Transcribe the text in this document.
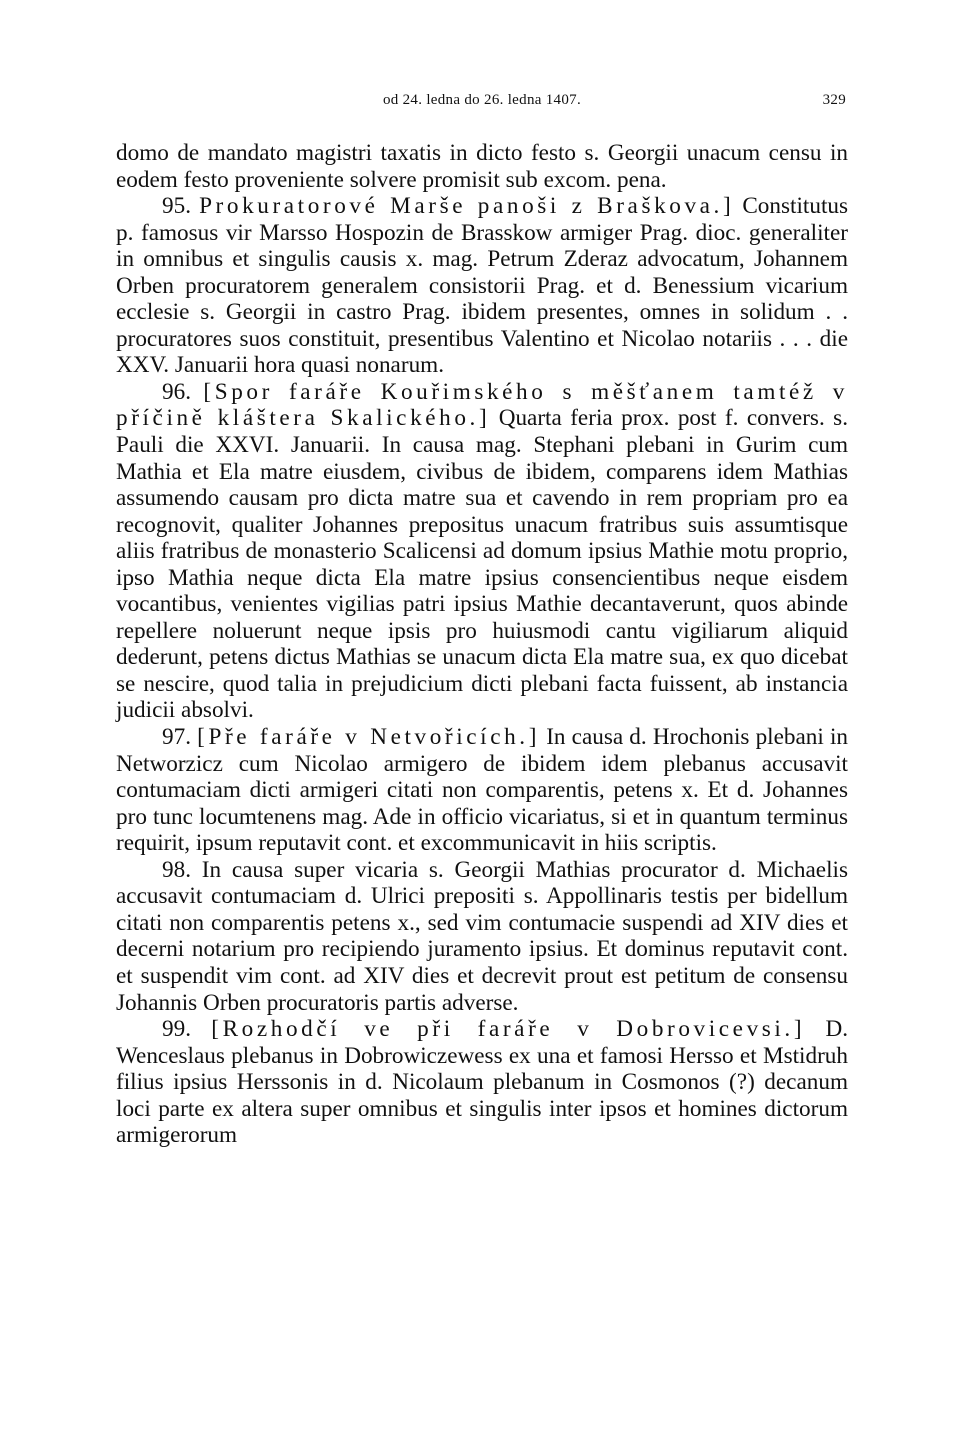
od 24. ledna do 26. ledna 1407.	329

domo de mandato magistri taxatis in dicto festo s. Georgii unacum censu in eodem festo proveniente solvere promisit sub excom. pena.

95. Prokuratorové Marše panoši z Braškova.] Constitutus p. famosus vir Marsso Hospozin de Brasskow armiger Prag. dioc. generaliter in omnibus et singulis causis x. mag. Petrum Zderaz advocatum, Johannem Orben procuratorem generalem consistorii Prag. et d. Benessium vicarium ecclesie s. Georgii in castro Prag. ibidem presentes, omnes in solidum . . procuratores suos constituit, presentibus Valentino et Nicolao notariis . . . die XXV. Januarii hora quasi nonarum.

96. [Spor faráře Kouřimského s měšťanem tamtéž v příčině kláštera Skalického.] Quarta feria prox. post f. convers. s. Pauli die XXVI. Januarii. In causa mag. Stephani plebani in Gurim cum Mathia et Ela matre eiusdem, civibus de ibidem, comparens idem Mathias assumendo causam pro dicta matre sua et cavendo in rem propriam pro ea recognovit, qualiter Johannes prepositus unacum fratribus suis assumtisque aliis fratribus de monasterio Scalicensi ad domum ipsius Mathie motu proprio, ipso Mathia neque dicta Ela matre ipsius consencientibus neque eisdem vocantibus, venientes vigilias patri ipsius Mathie decantaverunt, quos abinde repellere noluerunt neque ipsis pro huiusmodi cantu vigiliarum aliquid dederunt, petens dictus Mathias se unacum dicta Ela matre sua, ex quo dicebat se nescire, quod talia in prejudicium dicti plebani facta fuissent, ab instancia judicii absolvi.

97. [Pře faráře v Netvořicích.] In causa d. Hrochonis plebani in Networzicz cum Nicolao armigero de ibidem idem plebanus accusavit contumaciam dicti armigeri citati non comparentis, petens x. Et d. Johannes pro tunc locumtenens mag. Ade in officio vicariatus, si et in quantum terminus requirit, ipsum reputavit cont. et excommunicavit in hiis scriptis.

98. In causa super vicaria s. Georgii Mathias procurator d. Michaelis accusavit contumaciam d. Ulrici prepositi s. Appollinaris testis per bidellum citati non comparentis petens x., sed vim contumacie suspendi ad XIV dies et decerni notarium pro recipiendo juramento ipsius. Et dominus reputavit cont. et suspendit vim cont. ad XIV dies et decrevit prout est petitum de consensu Johannis Orben procuratoris partis adverse.

99. [Rozhodčí ve při faráře v Dobrovicevsi.] D. Wenceslaus plebanus in Dobrowiczewess ex una et famosi Hersso et Mstidruh filius ipsius Herssonis in d. Nicolaum plebanum in Cosmonos (?) decanum loci parte ex altera super omnibus et singulis inter ipsos et homines dictorum armigerorum
